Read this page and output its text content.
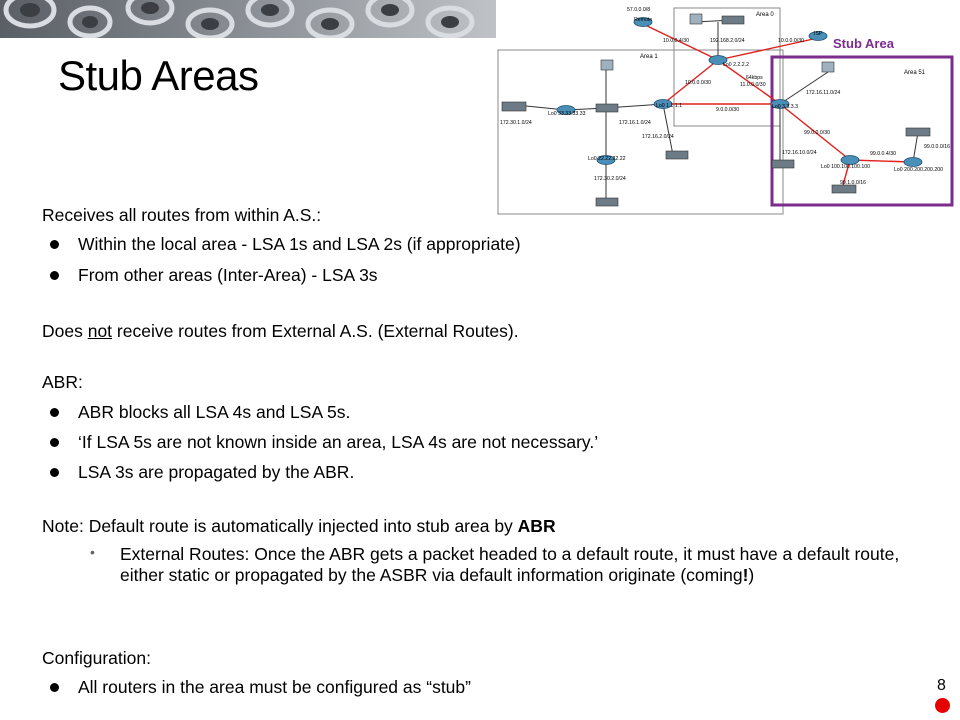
Stub Areas
Area 0
Area 1
Area 51
Stub Area
Remote
ISP
57.0.0.0/8
10.0.0.4/30	192.168.2.0/24	10.0.0.0/30
Lo0 2.2.2.2
10.0.0.0/30
64kbps
11.0.0.0/30
172.16.11.0/24
Lo0 33.33.33.33
172.30.1.0/24	172.16.1.0/24
Lo0 1.1.1.1
9.0.0.0/30	Lo0 3.3.3.3
172.16.2.0/24
99.0.0.0/30
99.0.0.0/16
Lo0 22.22.22.22
172.16.10.0/24	99.0.0.4/30
Lo0 100.100.100.100	Lo0 200.200.200.200
172.30.2.0/24
99.1.0.0/16
Receives all routes from within A.S.:
Within the local area - LSA 1s and LSA 2s (if appropriate)
From other areas (Inter-Area) - LSA 3s
Does not receive routes from External A.S. (External Routes).
ABR:
ABR blocks all LSA 4s and LSA 5s.
‘If LSA 5s are not known inside an area, LSA 4s are not necessary.’
LSA 3s are propagated by the ABR.
Note: Default route is automatically injected into stub area by ABR
• External Routes: Once the ABR gets a packet headed to a default route, it must have a default route, either static or propagated by the ASBR via default information originate (coming!)
Configuration:
All routers in the area must be configured as “stub”	8
